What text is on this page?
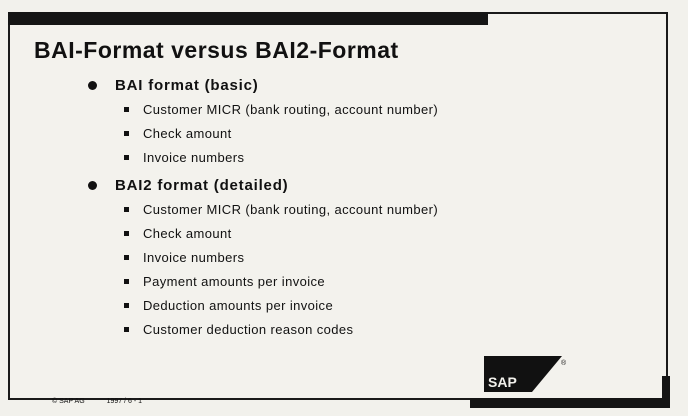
BAI-Format versus BAI2-Format
BAI format (basic)
Customer MICR (bank routing, account number)
Check amount
Invoice numbers
BAI2 format (detailed)
Customer MICR (bank routing, account number)
Check amount
Invoice numbers
Payment amounts per invoice
Deduction amounts per invoice
Customer deduction reason codes
SAP
®
© SAP AG	1997 / 6 - 1
